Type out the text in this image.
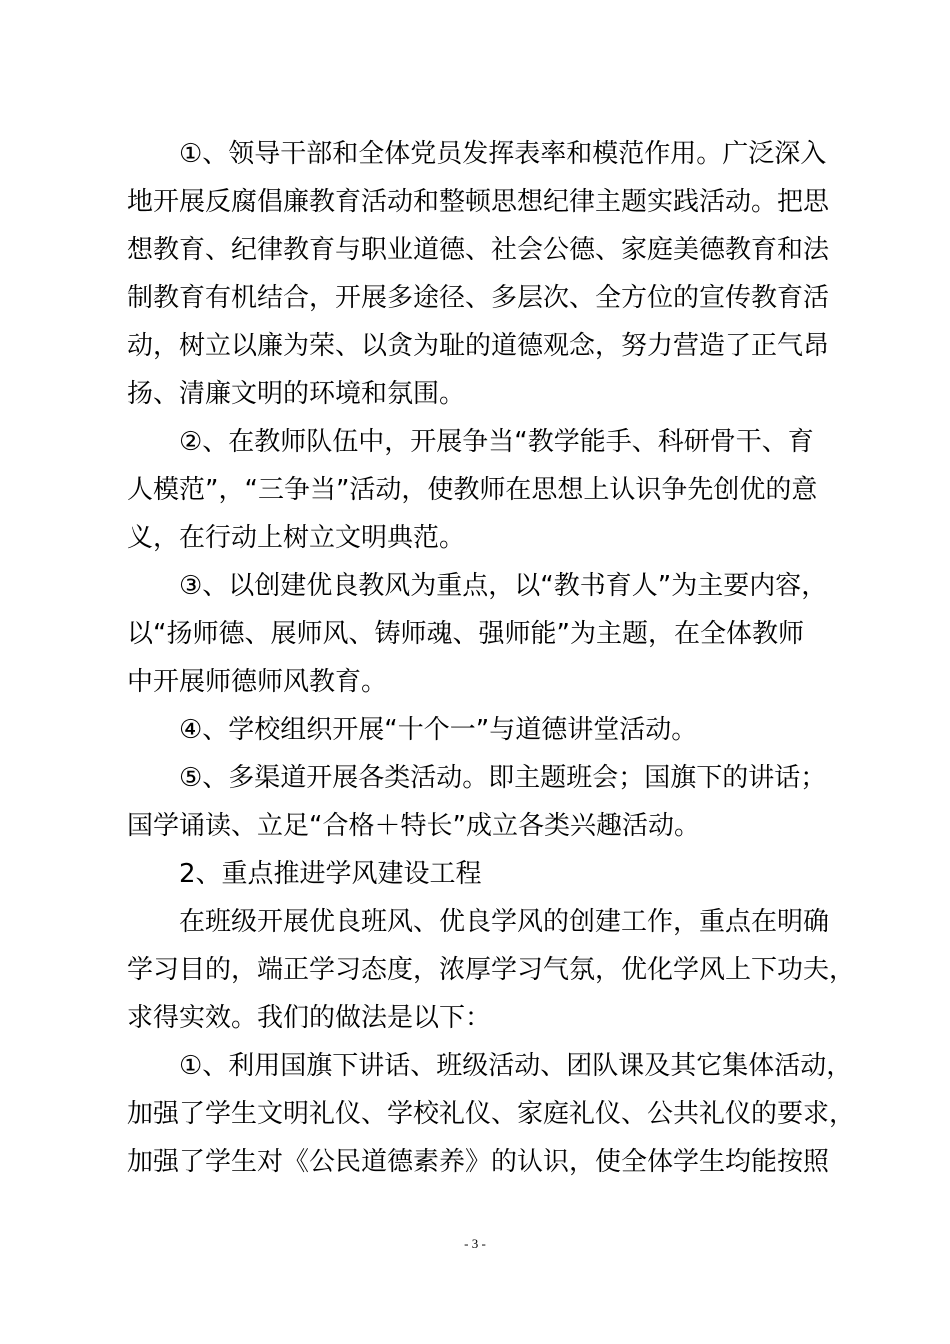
　　①、领导干部和全体党员发挥表率和模范作用。广泛深入
地开展反腐倡廉教育活动和整顿思想纪律主题实践活动。把思
想教育、纪律教育与职业道德、社会公德、家庭美德教育和法
制教育有机结合，开展多途径、多层次、全方位的宣传教育活
动，树立以廉为荣、以贪为耻的道德观念，努力营造了正气昂
扬、清廉文明的环境和氛围。
　　②、在教师队伍中，开展争当“教学能手、科研骨干、育
人模范”，“三争当”活动，使教师在思想上认识争先创优的意
义，在行动上树立文明典范。
　　③、以创建优良教风为重点，以“教书育人”为主要内容，
以“扬师德、展师风、铸师魂、强师能”为主题，在全体教师
中开展师德师风教育。
　　④、学校组织开展“十个一”与道德讲堂活动。
　　⑤、多渠道开展各类活动。即主题班会；国旗下的讲话；
国学诵读、立足“合格＋特长”成立各类兴趣活动。
　　2、重点推进学风建设工程
　　在班级开展优良班风、优良学风的创建工作，重点在明确
学习目的，端正学习态度，浓厚学习气氛，优化学风上下功夫，
求得实效。我们的做法是以下：
　　①、利用国旗下讲话、班级活动、团队课及其它集体活动，
加强了学生文明礼仪、学校礼仪、家庭礼仪、公共礼仪的要求，
加强了学生对《公民道德素养》的认识，使全体学生均能按照
- 3 -
